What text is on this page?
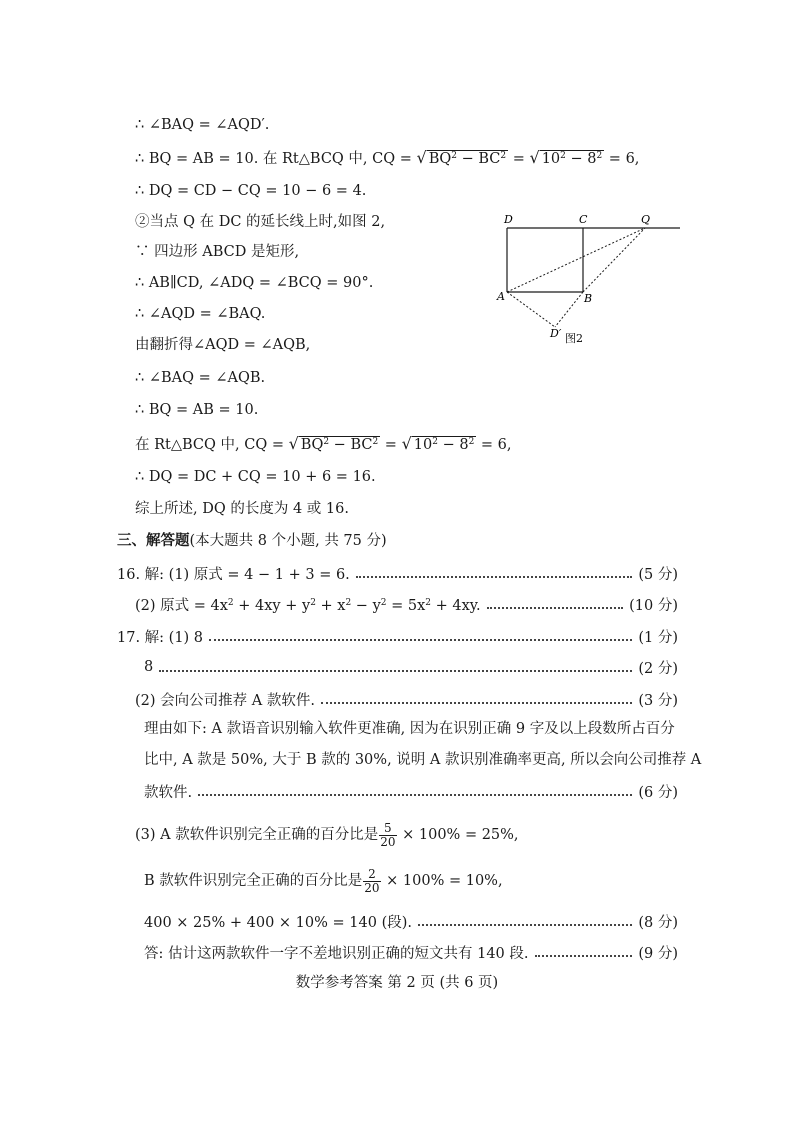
∴ ∠BAQ = ∠AQD′.
∴ BQ = AB = 10. 在 Rt△BCQ 中, CQ = √ $BQ^2 - BC^2$ = √ $10^2 - 8^2 = 6$,
∴ DQ = CD − CQ = 10 − 6 = 4.
②当点 Q 在 DC 的延长线上时,如图 2,
∵ 四边形 ABCD 是矩形,
∴ AB∥CD, ∠ADQ = ∠BCQ = 90°.
∴ ∠AQD = ∠BAQ.
由翻折得∠AQD = ∠AQB,
∴ ∠BAQ = ∠AQB.
∴ BQ = AB = 10.
在 Rt△BCQ 中, CQ = √ $BQ^2 - BC^2$ = √ $10^2 - 8^2 = 6$,
∴ DQ = DC + CQ = 10 + 6 = 16.
综上所述, DQ 的长度为 4 或 16.
三、解答题(本大题共 8 个小题, 共 75 分)
16. 解: (1) 原式 = 4 − 1 + 3 = 6.	(5 分)
(2) 原式 = $4x^2 + 4xy + y^2 + x^2 - y^2 = 5x^2 + 4xy$.	(10 分)
17. 解: (1) 8	(1 分)
8	(2 分)
(2) 会向公司推荐 A 款软件.	(3 分)
理由如下: A 款语音识别输入软件更准确, 因为在识别正确 9 字及以上段数所占百分
比中, A 款是 50%, 大于 B 款的 30%, 说明 A 款识别准确率更高, 所以会向公司推荐 A
款软件.	(6 分)
(3) A 款软件识别完全正确的百分比是 $\frac{5}{20} \times 100\% = 25\%$,
B 款软件识别完全正确的百分比是 $\frac{2}{20} \times 100\% = 10\%$,
400 × 25% + 400 × 10% = 140 (段).	(8 分)
答: 估计这两款软件一字不差地识别正确的短文共有 140 段.	(9 分)
数学参考答案 第 2 页 (共 6 页)
D	C	Q
A	B
D′ 图2
